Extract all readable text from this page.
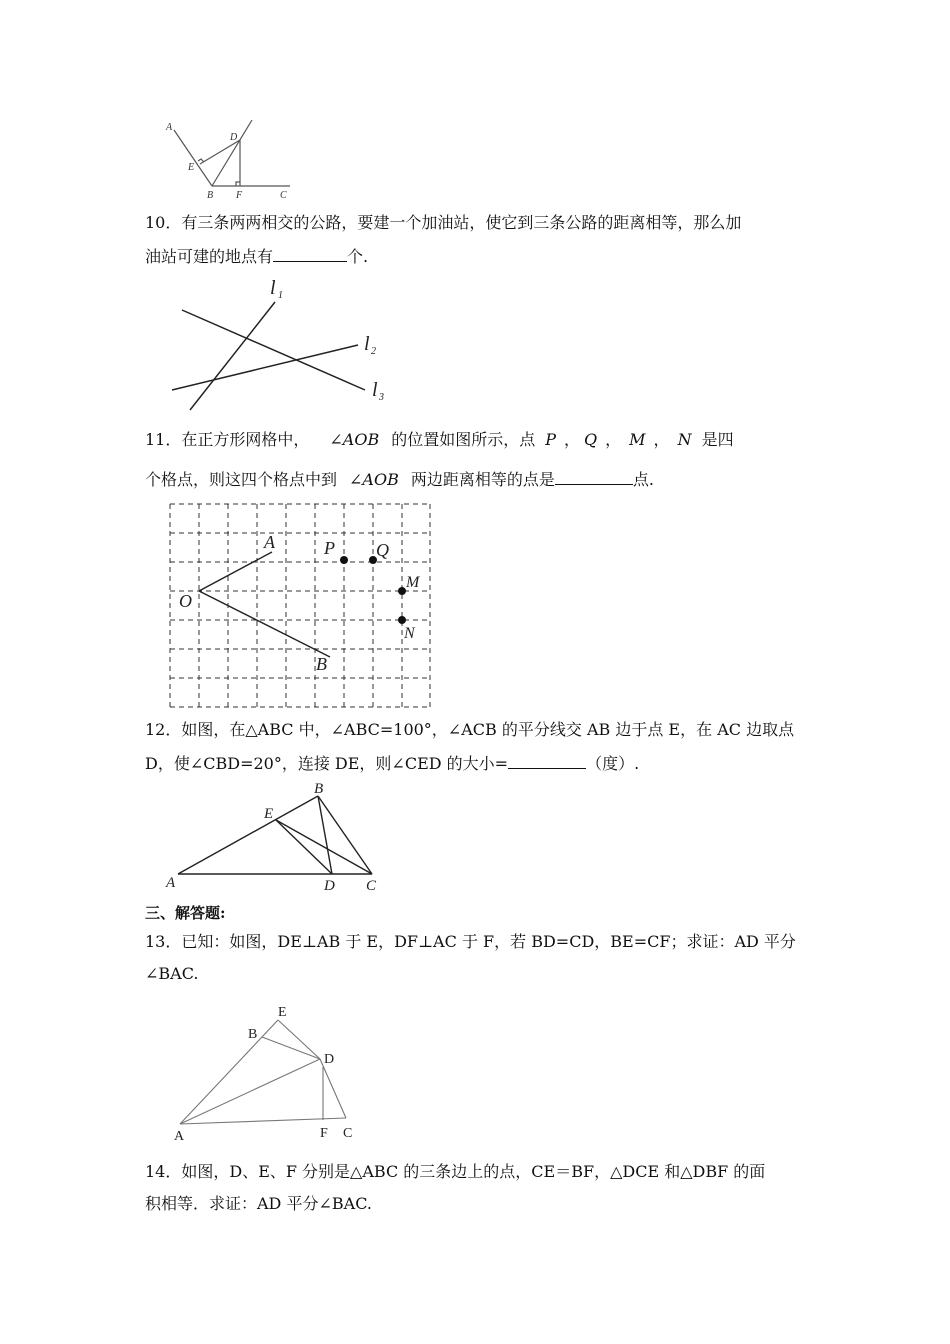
A
D
E
B F	C
10．有三条两两相交的公路，要建一个加油站，使它到三条公路的距离相等，那么加
油站可建的地点有	个.
l 1
l 2
l 3
11．在正方形网格中， ∠AOB 的位置如图所示，点 P ， Q ， M ， N 是四
个格点，则这四个格点中到 ∠AOB 两边距离相等的点是	点.
A
B
O
P Q
M
N
12．如图，在△ABC 中，∠ABC=100°，∠ACB 的平分线交 AB 边于点 E，在 AC 边取点
D，使∠CBD=20°，连接 DE，则∠CED 的大小=	（度）.
A
B
C
D
E
三、解答题:
13．已知：如图，DE⊥AB 于 E，DF⊥AC 于 F，若 BD=CD，BE=CF；求证：AD 平分
∠BAC.
A
B
C
D
E
F
14．如图，D、E、F 分别是△ABC 的三条边上的点，CE＝BF，△DCE 和△DBF 的面
积相等．求证：AD 平分∠BAC.
